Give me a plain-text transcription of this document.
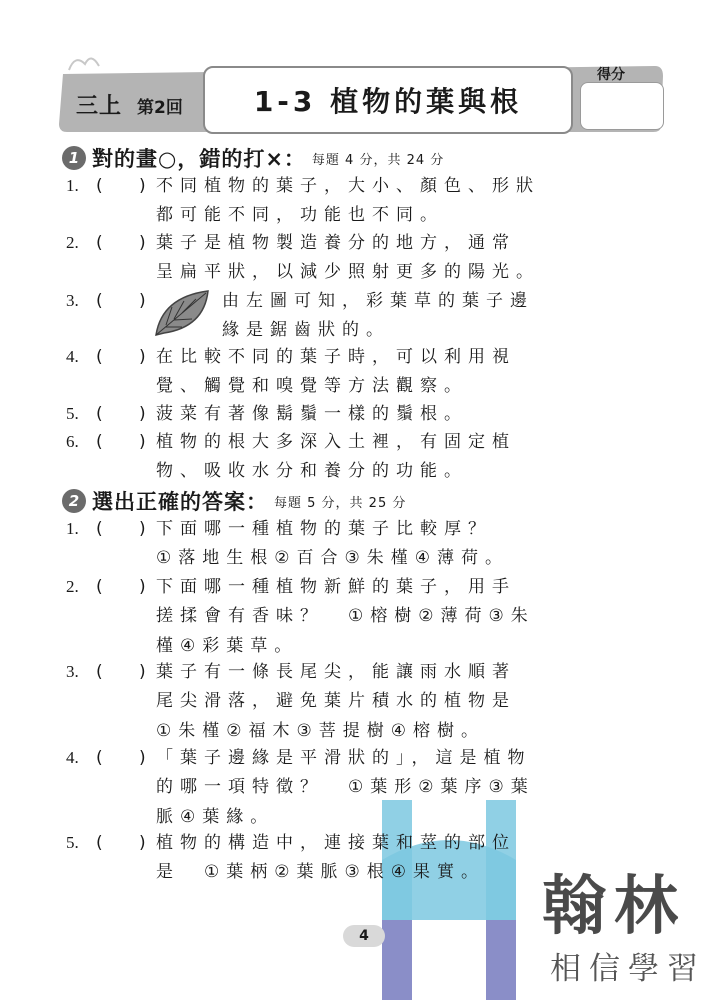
三上 第2回	1-3 植物的葉與根
得分
1 對的畫○，錯的打×： 每題 4 分，共 24 分
1. ( ) 不同植物的葉子，大小、顏色、形狀
都可能不同，功能也不同。
2. ( ) 葉子是植物製造養分的地方，通常
呈扁平狀，以減少照射更多的陽光。
3. ( )	由左圖可知，彩葉草的葉子邊
緣是鋸齒狀的。
4. ( ) 在比較不同的葉子時，可以利用視
覺、觸覺和嗅覺等方法觀察。
5. ( ) 菠菜有著像鬍鬚一樣的鬚根。
6. ( ) 植物的根大多深入土裡，有固定植
物、吸收水分和養分的功能。
2 選出正確的答案： 每題 5 分，共 25 分
1. ( ) 下面哪一種植物的葉子比較厚？
①落地生根②百合③朱槿④薄荷。
2. ( ) 下面哪一種植物新鮮的葉子，用手
搓揉會有香味？　①榕樹②薄荷③朱
槿④彩葉草。
3. ( ) 葉子有一條長尾尖，能讓雨水順著
尾尖滑落，避免葉片積水的植物是
①朱槿②福木③菩提樹④榕樹。
4. ( ) 「葉子邊緣是平滑狀的」，這是植物
的哪一項特徵？　①葉形②葉序③葉
脈④葉緣。
5. ( ) 植物的構造中，連接葉和莖的部位
是　①葉柄②葉脈③根④果實。
4	翰林
相信學習
